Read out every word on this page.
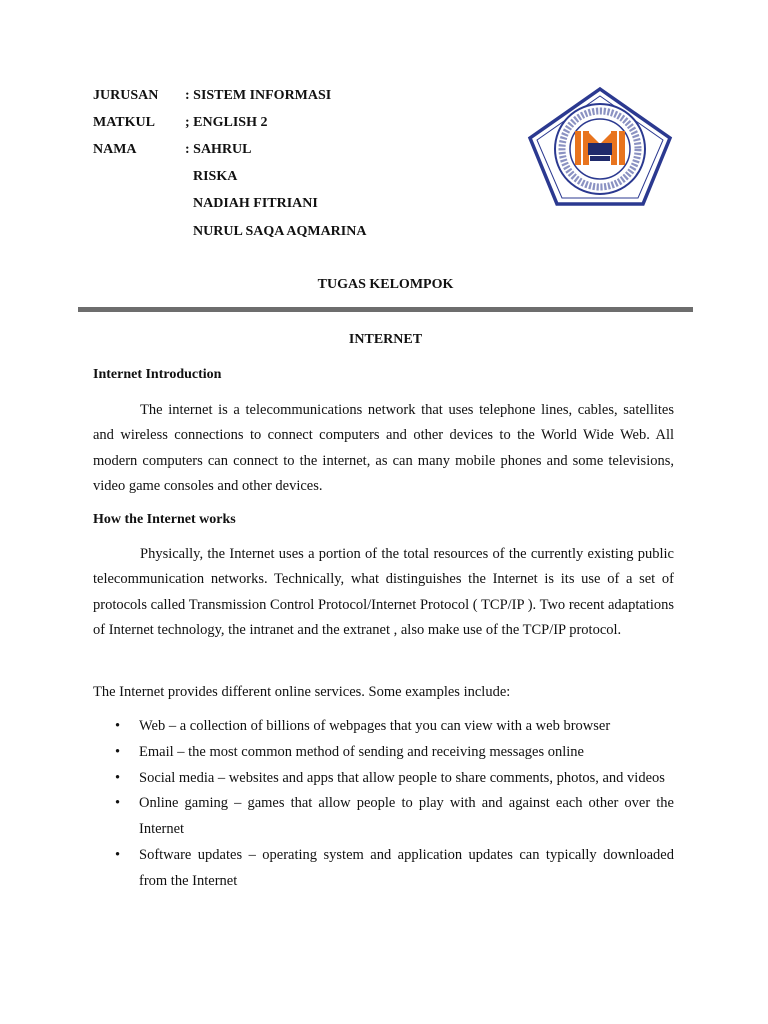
JURUSAN	: SISTEM INFORMASI
MATKUL	; ENGLISH 2
NAMA	: SAHRUL
RISKA
NADIAH FITRIANI
NURUL SAQA AQMARINA
TUGAS KELOMPOK
INTERNET
Internet Introduction

The internet is a telecommunications network that uses telephone lines, cables, satellites and wireless connections to connect computers and other devices to the World Wide Web. All modern computers can connect to the internet, as can many mobile phones and some televisions, video game consoles and other devices.

How the Internet works

Physically, the Internet uses a portion of the total resources of the currently existing public telecommunication networks. Technically, what distinguishes the Internet is its use of a set of protocols called Transmission Control Protocol/Internet Protocol ( TCP/IP ). Two recent adaptations of Internet technology, the intranet and the extranet , also make use of the TCP/IP protocol.

The Internet provides different online services. Some examples include:
• Web – a collection of billions of webpages that you can view with a web browser
• Email – the most common method of sending and receiving messages online
• Social media – websites and apps that allow people to share comments, photos, and videos
• Online gaming – games that allow people to play with and against each other over the Internet
• Software updates – operating system and application updates can typically downloaded from the Internet
